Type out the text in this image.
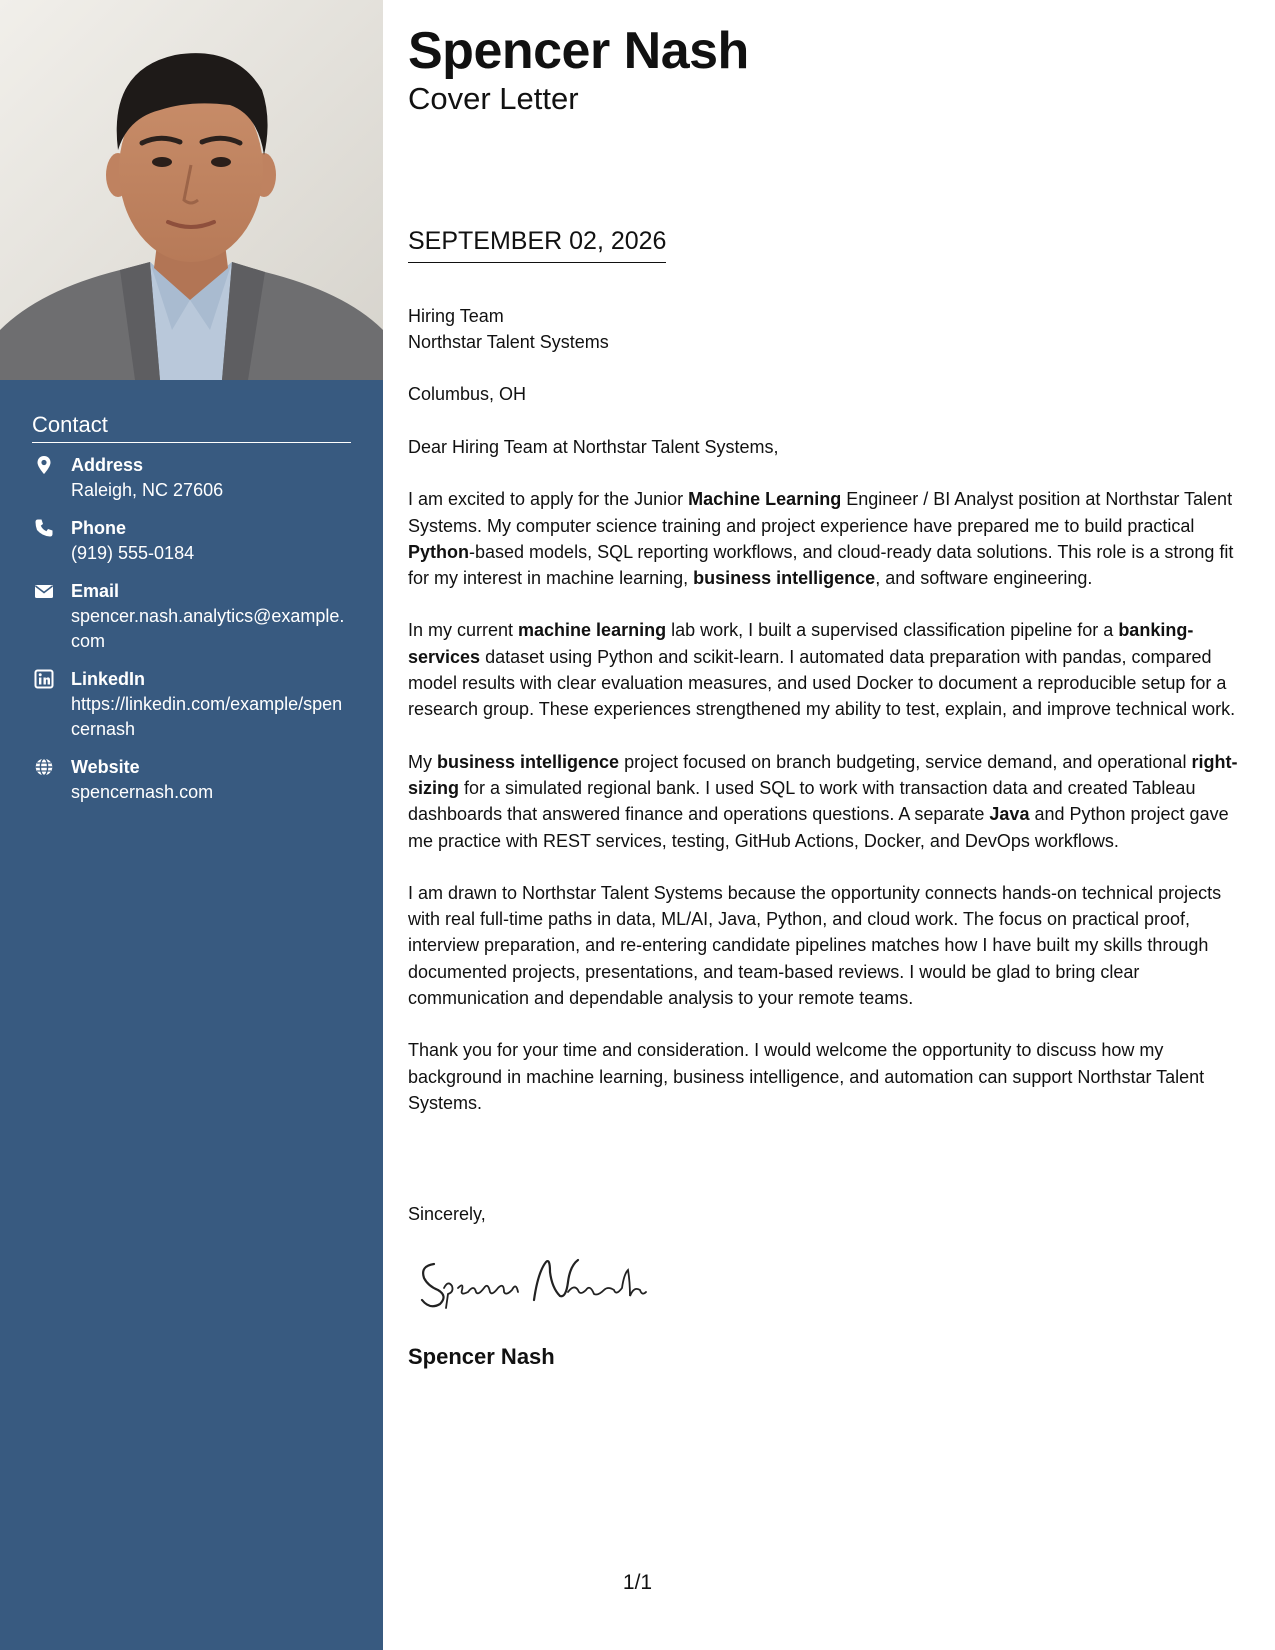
Contact
Address
Raleigh, NC 27606
Phone
(919) 555-0184
Email
spencer.nash.analytics@example.com
LinkedIn
https://linkedin.com/example/spencernash
Website
spencernash.com
Spencer Nash
Cover Letter
SEPTEMBER 02, 2026
Hiring Team
Northstar Talent Systems
Columbus, OH

Dear Hiring Team at Northstar Talent Systems,

I am excited to apply for the Junior Machine Learning Engineer / BI Analyst position at Northstar Talent Systems. My computer science training and project experience have prepared me to build practical Python-based models, SQL reporting workflows, and cloud-ready data solutions. This role is a strong fit for my interest in machine learning, business intelligence, and software engineering.

In my current machine learning lab work, I built a supervised classification pipeline for a banking-services dataset using Python and scikit-learn. I automated data preparation with pandas, compared model results with clear evaluation measures, and used Docker to document a reproducible setup for a research group. These experiences strengthened my ability to test, explain, and improve technical work.

My business intelligence project focused on branch budgeting, service demand, and operational right-sizing for a simulated regional bank. I used SQL to work with transaction data and created Tableau dashboards that answered finance and operations questions. A separate Java and Python project gave me practice with REST services, testing, GitHub Actions, Docker, and DevOps workflows.

I am drawn to Northstar Talent Systems because the opportunity connects hands-on technical projects with real full-time paths in data, ML/AI, Java, Python, and cloud work. The focus on practical proof, interview preparation, and re-entering candidate pipelines matches how I have built my skills through documented projects, presentations, and team-based reviews. I would be glad to bring clear communication and dependable analysis to your remote teams.

Thank you for your time and consideration. I would welcome the opportunity to discuss how my background in machine learning, business intelligence, and automation can support Northstar Talent Systems.

Sincerely,
Spencer Nash
1/1
